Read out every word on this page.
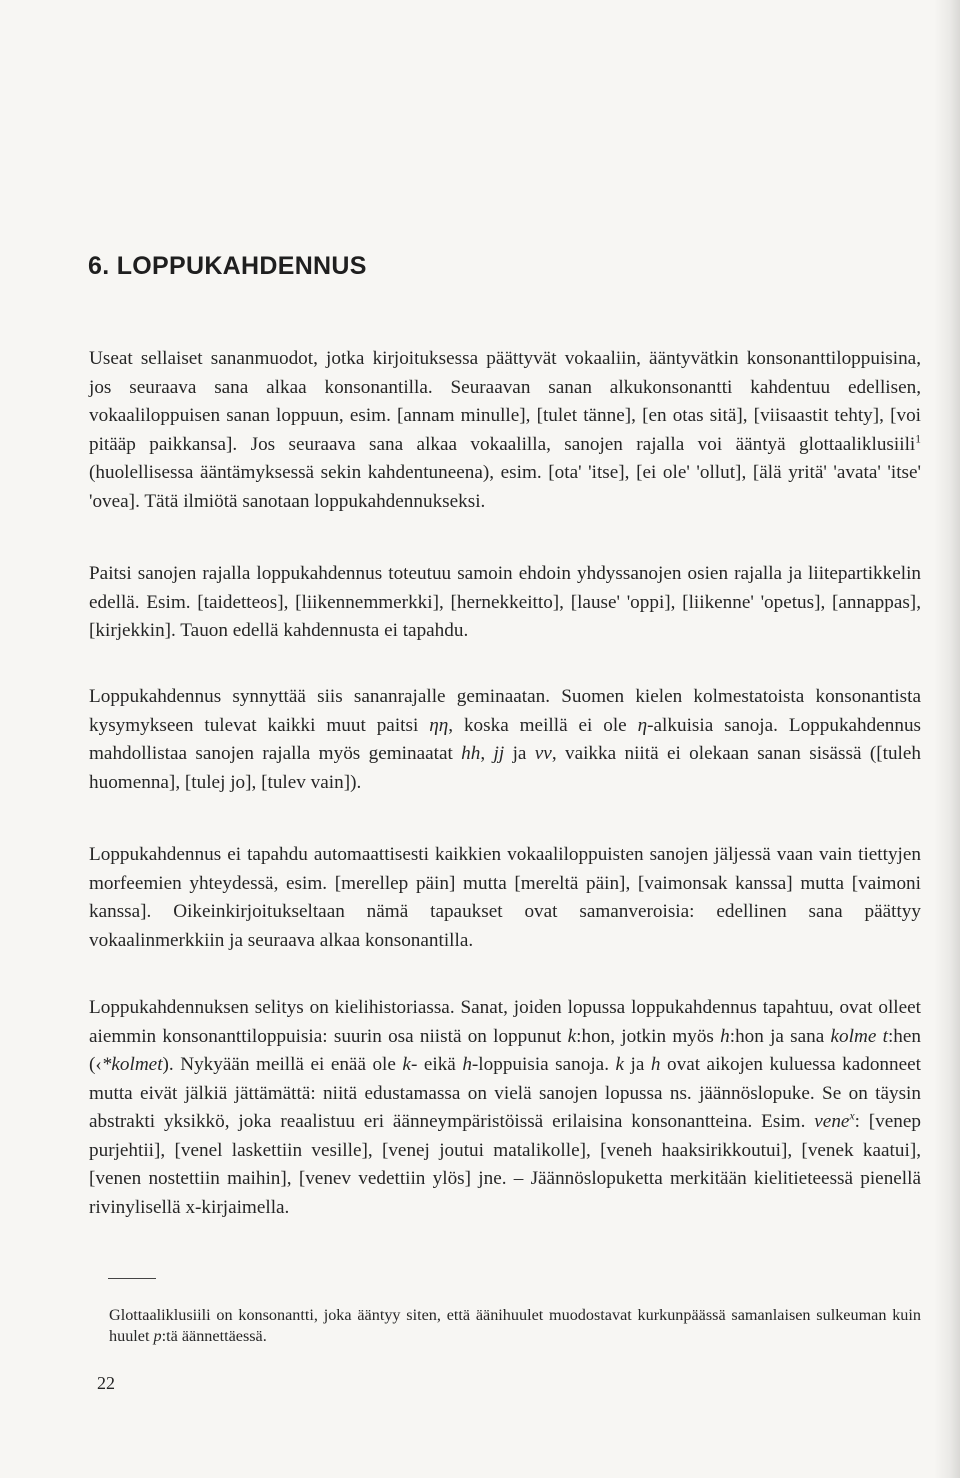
6. LOPPUKAHDENNUS

Useat sellaiset sananmuodot, jotka kirjoituksessa päättyvät vokaaliin, ääntyvätkin konsonanttiloppuisina, jos seuraava sana alkaa konsonantilla. Seuraavan sanan alkukonsonantti kahdentuu edellisen, vokaaliloppuisen sanan loppuun, esim. [annam minulle], [tulet tänne], [en otas sitä], [viisaastit tehty], [voi pitääp paikkansa]. Jos seuraava sana alkaa vokaalilla, sanojen rajalla voi ääntyä glottaaliklusiili$^1$ (huolellisessa ääntämyksessä sekin kahdentuneena), esim. [ota' 'itse], [ei ole' 'ollut], [älä yritä' 'avata' 'itse' 'ovea]. Tätä ilmiötä sanotaan loppukahdennukseksi.

Paitsi sanojen rajalla loppukahdennus toteutuu samoin ehdoin yhdyssanojen osien rajalla ja liitepartikkelin edellä. Esim. [taidetteos], [liikennemmerkki], [hernekkeitto], [lause' 'oppi], [liikenne' 'opetus], [annappas], [kirjekkin]. Tauon edellä kahdennusta ei tapahdu.

Loppukahdennus synnyttää siis sananrajalle geminaatan. Suomen kielen kolmestatoista konsonantista kysymykseen tulevat kaikki muut paitsi ηη, koska meillä ei ole η-alkuisia sanoja. Loppukahdennus mahdollistaa sanojen rajalla myös geminaatat hh, jj ja vv, vaikka niitä ei olekaan sanan sisässä ([tuleh huomenna], [tulej jo], [tulev vain]).

Loppukahdennus ei tapahdu automaattisesti kaikkien vokaaliloppuisten sanojen jäljessä vaan vain tiettyjen morfeemien yhteydessä, esim. [merellep päin] mutta [mereltä päin], [vaimonsak kanssa] mutta [vaimoni kanssa]. Oikeinkirjoitukseltaan nämä tapaukset ovat samanveroisia: edellinen sana päättyy vokaalinmerkkiin ja seuraava alkaa konsonantilla.

Loppukahdennuksen selitys on kielihistoriassa. Sanat, joiden lopussa loppukahdennus tapahtuu, ovat olleet aiemmin konsonanttiloppuisia: suurin osa niistä on loppunut k:hon, jotkin myös h:hon ja sana kolme t:hen (‹*kolmet). Nykyään meillä ei enää ole k- eikä h-loppuisia sanoja. k ja h ovat aikojen kuluessa kadonneet mutta eivät jälkiä jättämättä: niitä edustamassa on vielä sanojen lopussa ns. jäännöslopuke. Se on täysin abstrakti yksikkö, joka reaalistuu eri äänneympäristöissä erilaisina konsonantteina. Esim. vene$^x$: [venep purjehtii], [venel laskettiin vesille], [venej joutui matalikolle], [veneh haaksirikkoutui], [venek kaatui], [venen nostettiin maihin], [venev vedettiin ylös] jne. – Jäännöslopuketta merkitään kielitieteessä pienellä rivinylisellä x-kirjaimella.

Glottaaliklusiili on konsonantti, joka ääntyy siten, että äänihuulet muodostavat kurkunpäässä samanlaisen sulkeuman kuin huulet p:tä äännettäessä.

22
